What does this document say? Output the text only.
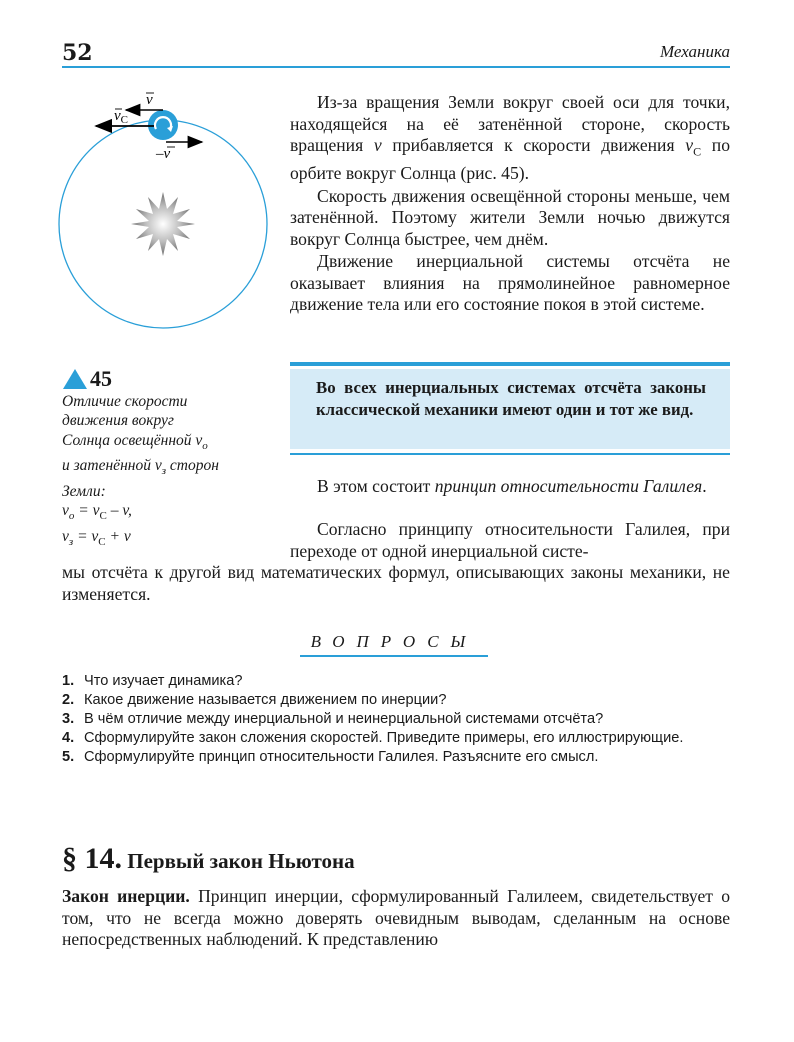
52	Механика
$v_C$
v
–v
45
Отличие скорости
движения вокруг
Солнца освещённой $v_о$
и затенённой $v_з$ сторон
Земли:
$v_о = v_C - v$,
$v_з = v_C + v$

Из-за вращения Земли вокруг своей оси для точки, находящейся на её затенённой стороне, скорость вращения v прибавляется к скорости движения $v_C$ по орбите вокруг Солнца (рис. 45).

Скорость движения освещённой стороны меньше, чем затенённой. Поэтому жители Земли ночью движутся вокруг Солнца быстрее, чем днём.

Движение инерциальной системы отсчёта не оказывает влияния на прямолинейное равномерное движение тела или его состояние покоя в этой системе.

Во всех инерциальных системах отсчёта законы классической механики имеют один и тот же вид.

В этом состоит принцип относительности Галилея.

Согласно принципу относительности Галилея, при переходе от одной инерциальной систе-

мы отсчёта к другой вид математических формул, описывающих законы механики, не изменяется.

ВОПРОСЫ
1. Что изучает динамика?
2. Какое движение называется движением по инерции?
3. В чём отличие между инерциальной и неинерциальной системами отсчёта?
4. Сформулируйте закон сложения скоростей. Приведите примеры, его иллюстрирующие.
5. Сформулируйте принцип относительности Галилея. Разъясните его смысл.
§ 14. Первый закон Ньютона

Закон инерции. Принцип инерции, сформулированный Галилеем, свидетельствует о том, что не всегда можно доверять очевидным выводам, сделанным на основе непосредственных наблюдений. К представлению
